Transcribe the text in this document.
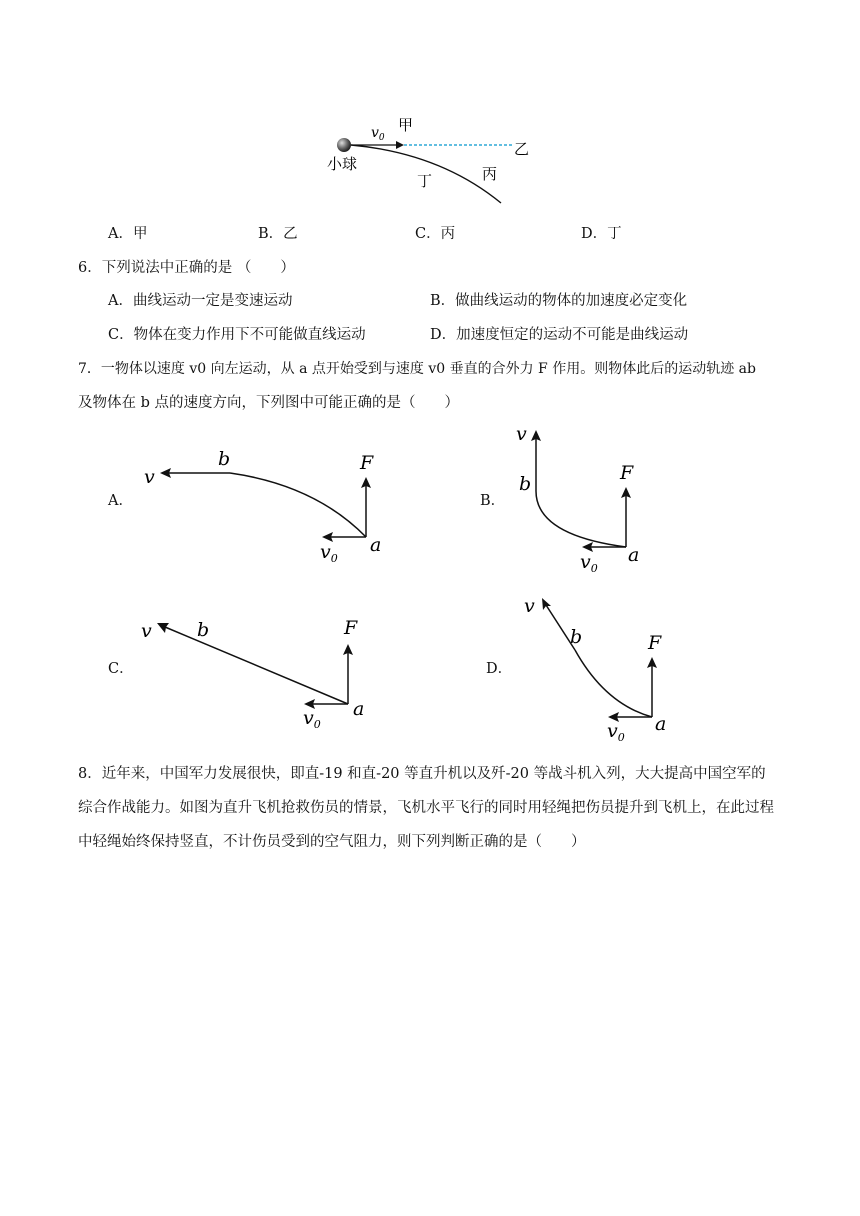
$v_0$
甲
乙
丁	丙
小球
A．甲	B．乙	C．丙	D．丁
6．下列说法中正确的是 （　　）
A．曲线运动一定是变速运动	B．做曲线运动的物体的加速度必定变化
C．物体在变力作用下不可能做直线运动	D．加速度恒定的运动不可能是曲线运动
7．一物体以速度 v0 向左运动，从 a 点开始受到与速度 v0 垂直的合外力 F 作用。则物体此后的运动轨迹 ab
及物体在 b 点的速度方向，下列图中可能正确的是（　　）
A．
v
b	F
a
$v_0$
B．
v
b	F
a
$v_0$
C．
v b	F
a
$v_0$
D．
v
b	F
a
$v_0$
8．近年来，中国军力发展很快，即直-19 和直-20 等直升机以及歼-20 等战斗机入列，大大提高中国空军的综合作战能力。如图为直升飞机抢救伤员的情景，飞机水平飞行的同时用轻绳把伤员提升到飞机上，在此过程中轻绳始终保持竖直，不计伤员受到的空气阻力，则下列判断正确的是（　　）
